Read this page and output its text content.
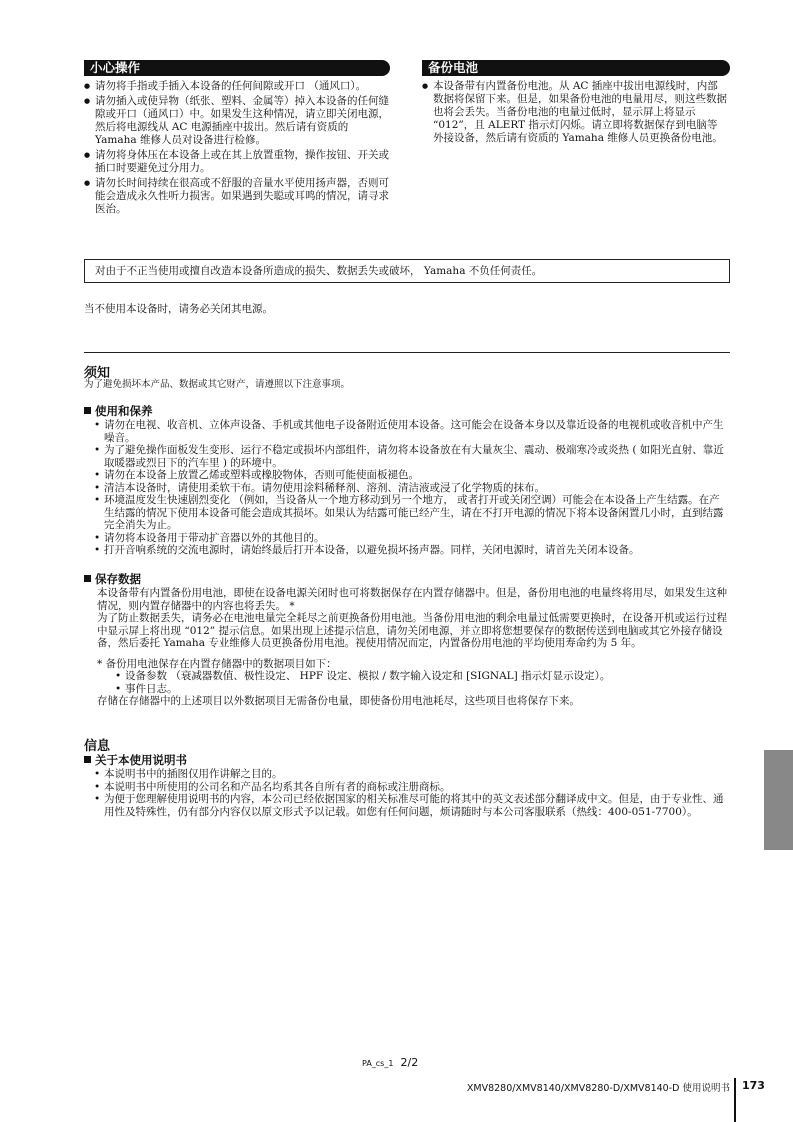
小心操作
● 请勿将手指或手插入本设备的任何间隙或开口 （通风口）。
● 请勿插入或使异物（纸张、塑料、金属等）掉入本设备的任何缝隙或开口（通风口）中。如果发生这种情况，请立即关闭电源，然后将电源线从 AC 电源插座中拔出。然后请有资质的 Yamaha 维修人员对设备进行检修。
● 请勿将身体压在本设备上或在其上放置重物，操作按钮、开关或插口时要避免过分用力。
● 请勿长时间持续在很高或不舒服的音量水平使用扬声器，否则可能会造成永久性听力损害。如果遇到失聪或耳鸣的情况，请寻求医治。
备份电池
● 本设备带有内置备份电池。从 AC 插座中拔出电源线时，内部数据将保留下来。但是，如果备份电池的电量用尽，则这些数据也将会丢失。当备份电池的电量过低时，显示屏上将显示 “012”，且 ALERT 指示灯闪烁。请立即将数据保存到电脑等外接设备，然后请有资质的 Yamaha 维修人员更换备份电池。
对由于不正当使用或擅自改造本设备所造成的损失、数据丢失或破坏， Yamaha 不负任何责任。
当不使用本设备时，请务必关闭其电源。
须知
为了避免损坏本产品、数据或其它财产，请遵照以下注意事项。
使用和保养
• 请勿在电视、收音机、立体声设备、手机或其他电子设备附近使用本设备。这可能会在设备本身以及靠近设备的电视机或收音机中产生噪音。
• 为了避免操作面板发生变形、运行不稳定或损坏内部组件，请勿将本设备放在有大量灰尘、震动、极端寒冷或炎热 ( 如阳光直射、靠近取暖器或烈日下的汽车里 ) 的环境中。
• 请勿在本设备上放置乙烯或塑料或橡胶物体，否则可能使面板褪色。
• 清洁本设备时，请使用柔软干布。请勿使用涂料稀释剂、溶剂、清洁液或浸了化学物质的抹布。
• 环境温度发生快速剧烈变化 （例如，当设备从一个地方移动到另一个地方， 或者打开或关闭空调）可能会在本设备上产生结露。在产生结露的情况下使用本设备可能会造成其损坏。如果认为结露可能已经产生，请在不打开电源的情况下将本设备闲置几小时，直到结露完全消失为止。
• 请勿将本设备用于带动扩音器以外的其他目的。
• 打开音响系统的交流电源时，请始终最后打开本设备，以避免损坏扬声器。同样，关闭电源时，请首先关闭本设备。
保存数据
本设备带有内置备份用电池，即使在设备电源关闭时也可将数据保存在内置存储器中。但是，备份用电池的电量终将用尽，如果发生这种情况，则内置存储器中的内容也将丢失。 *
为了防止数据丢失，请务必在电池电量完全耗尽之前更换备份用电池。当备份用电池的剩余电量过低需要更换时，在设备开机或运行过程中显示屏上将出现 “012” 提示信息。如果出现上述提示信息，请勿关闭电源，并立即将您想要保存的数据传送到电脑或其它外接存储设备，然后委托 Yamaha 专业维修人员更换备份用电池。视使用情况而定，内置备份用电池的平均使用寿命约为 5 年。
* 备份用电池保存在内置存储器中的数据项目如下：
• 设备参数 （衰减器数值、极性设定、 HPF 设定、模拟 / 数字输入设定和 [SIGNAL] 指示灯显示设定）。
• 事件日志。
存储在存储器中的上述项目以外数据项目无需备份电量，即使备份用电池耗尽，这些项目也将保存下来。
信息
关于本使用说明书
• 本说明书中的插图仅用作讲解之目的。
• 本说明书中所使用的公司名和产品名均系其各自所有者的商标或注册商标。
• 为便于您理解使用说明书的内容，本公司已经依据国家的相关标准尽可能的将其中的英文表述部分翻译成中文。但是，由于专业性、通用性及特殊性，仍有部分内容仅以原文形式予以记载。如您有任何问题，烦请随时与本公司客服联系（热线：400-051-7700）。
PA_cs_1 2/2
XMV8280/XMV8140/XMV8280-D/XMV8140-D 使用说明书 173
